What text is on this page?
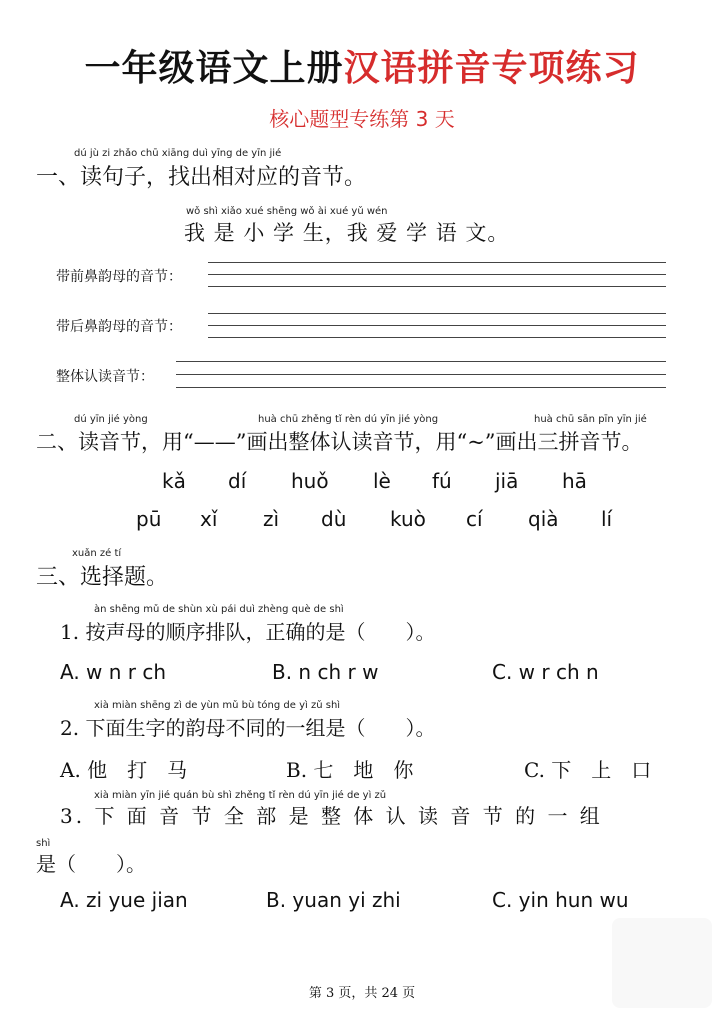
一年级语文上册汉语拼音专项练习
核心题型专练第 3 天
dú jù zi zhǎo chū xiāng duì yīng de yīn jié
一、读句子，找出相对应的音节。
wǒ shì xiǎo xué shēng wǒ ài xué yǔ wén
我 是 小 学 生，我 爱 学 语 文。
带前鼻韵母的音节：
带后鼻韵母的音节：
整体认读音节：
dú yīn jié yòng	huà chū zhěng tǐ rèn dú yīn jié yòng	huà chū sān pīn yīn jié
二、读音节，用“——”画出整体认读音节，用“~”画出三拼音节。
kǎ dí huǒ lè fú jiā hā
pū xǐ zì dù kuò cí qià lí
xuǎn zé tí
三、选择题。
àn shēng mǔ de shùn xù pái duì zhèng què de shì
1. 按声母的顺序排队，正确的是（　　）。
A. w n r ch	B. n ch r w	C. w r ch n
xià miàn shēng zì de yùn mǔ bù tóng de yì zǔ shì
2. 下面生字的韵母不同的一组是（　　）。
A. 他　打　马	B. 七　地　你	C. 下　上　口
xià miàn yīn jié quán bù shì zhěng tǐ rèn dú yīn jié de yì zǔ
3. 下 面 音 节 全 部 是 整 体 认 读 音 节 的 一 组
shì
是（　　）。
A. zi yue jian	B. yuan yi zhi	C. yin hun wu
第 3 页，共 24 页
